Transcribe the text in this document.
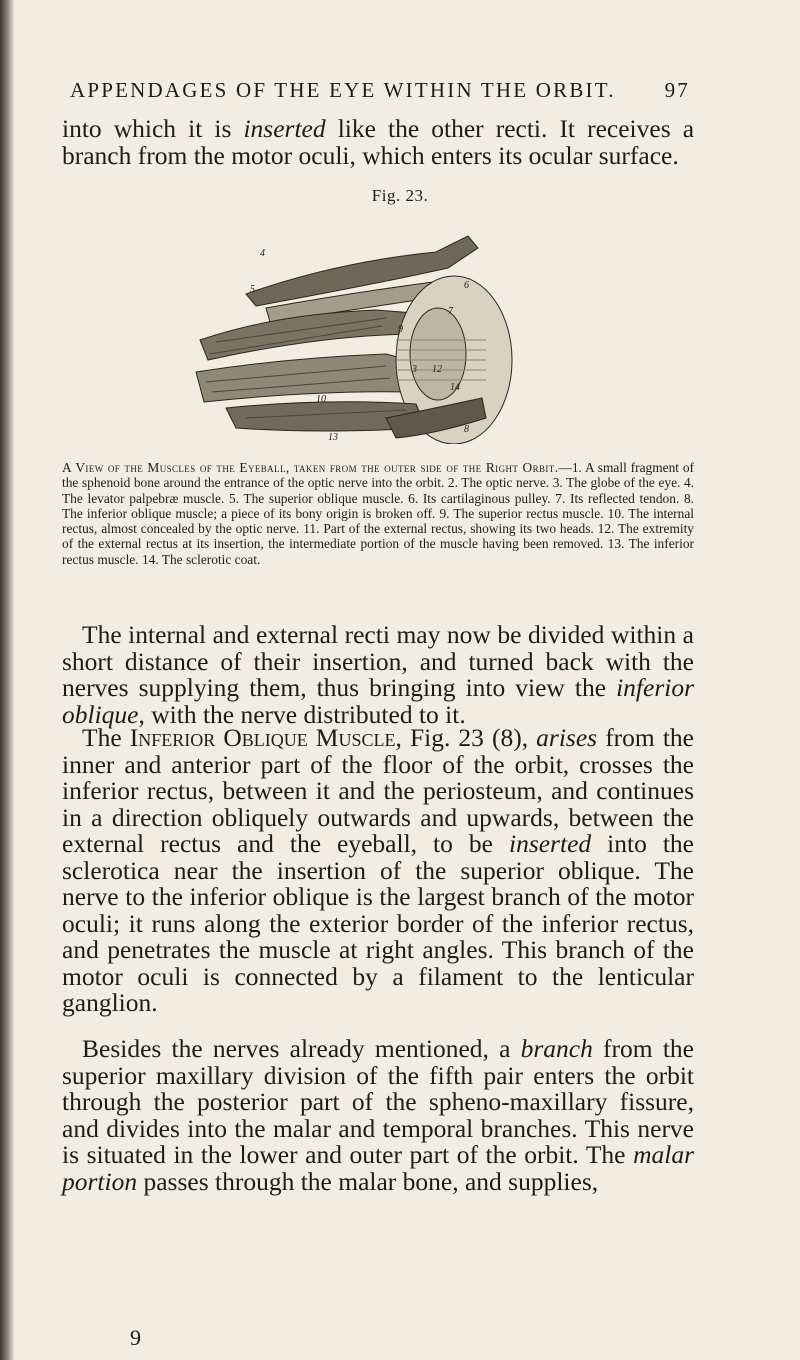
APPENDAGES OF THE EYE WITHIN THE ORBIT. 97

into which it is inserted like the other recti. It receives a branch from the motor oculi, which enters its ocular surface.

Fig. 23.
4
5	6
9
3 12
14
10
13
8
7

A View of the Muscles of the Eyeball, taken from the outer side of the Right Orbit.—1. A small fragment of the sphenoid bone around the entrance of the optic nerve into the orbit. 2. The optic nerve. 3. The globe of the eye. 4. The levator palpebræ muscle. 5. The superior oblique muscle. 6. Its cartilaginous pulley. 7. Its reflected tendon. 8. The inferior oblique muscle; a piece of its bony origin is broken off. 9. The superior rectus muscle. 10. The internal rectus, almost concealed by the optic nerve. 11. Part of the external rectus, showing its two heads. 12. The extremity of the external rectus at its insertion, the intermediate portion of the muscle having been removed. 13. The inferior rectus muscle. 14. The sclerotic coat.

The internal and external recti may now be divided within a short distance of their insertion, and turned back with the nerves supplying them, thus bringing into view the inferior oblique, with the nerve distributed to it.

The Inferior Oblique Muscle, Fig. 23 (8), arises from the inner and anterior part of the floor of the orbit, crosses the inferior rectus, between it and the periosteum, and continues in a direction obliquely outwards and upwards, between the external rectus and the eyeball, to be inserted into the sclerotica near the insertion of the superior oblique. The nerve to the inferior oblique is the largest branch of the motor oculi; it runs along the exterior border of the inferior rectus, and penetrates the muscle at right angles. This branch of the motor oculi is connected by a filament to the lenticular ganglion.

Besides the nerves already mentioned, a branch from the superior maxillary division of the fifth pair enters the orbit through the posterior part of the spheno-maxillary fissure, and divides into the malar and temporal branches. This nerve is situated in the lower and outer part of the orbit. The malar portion passes through the malar bone, and supplies,

9
